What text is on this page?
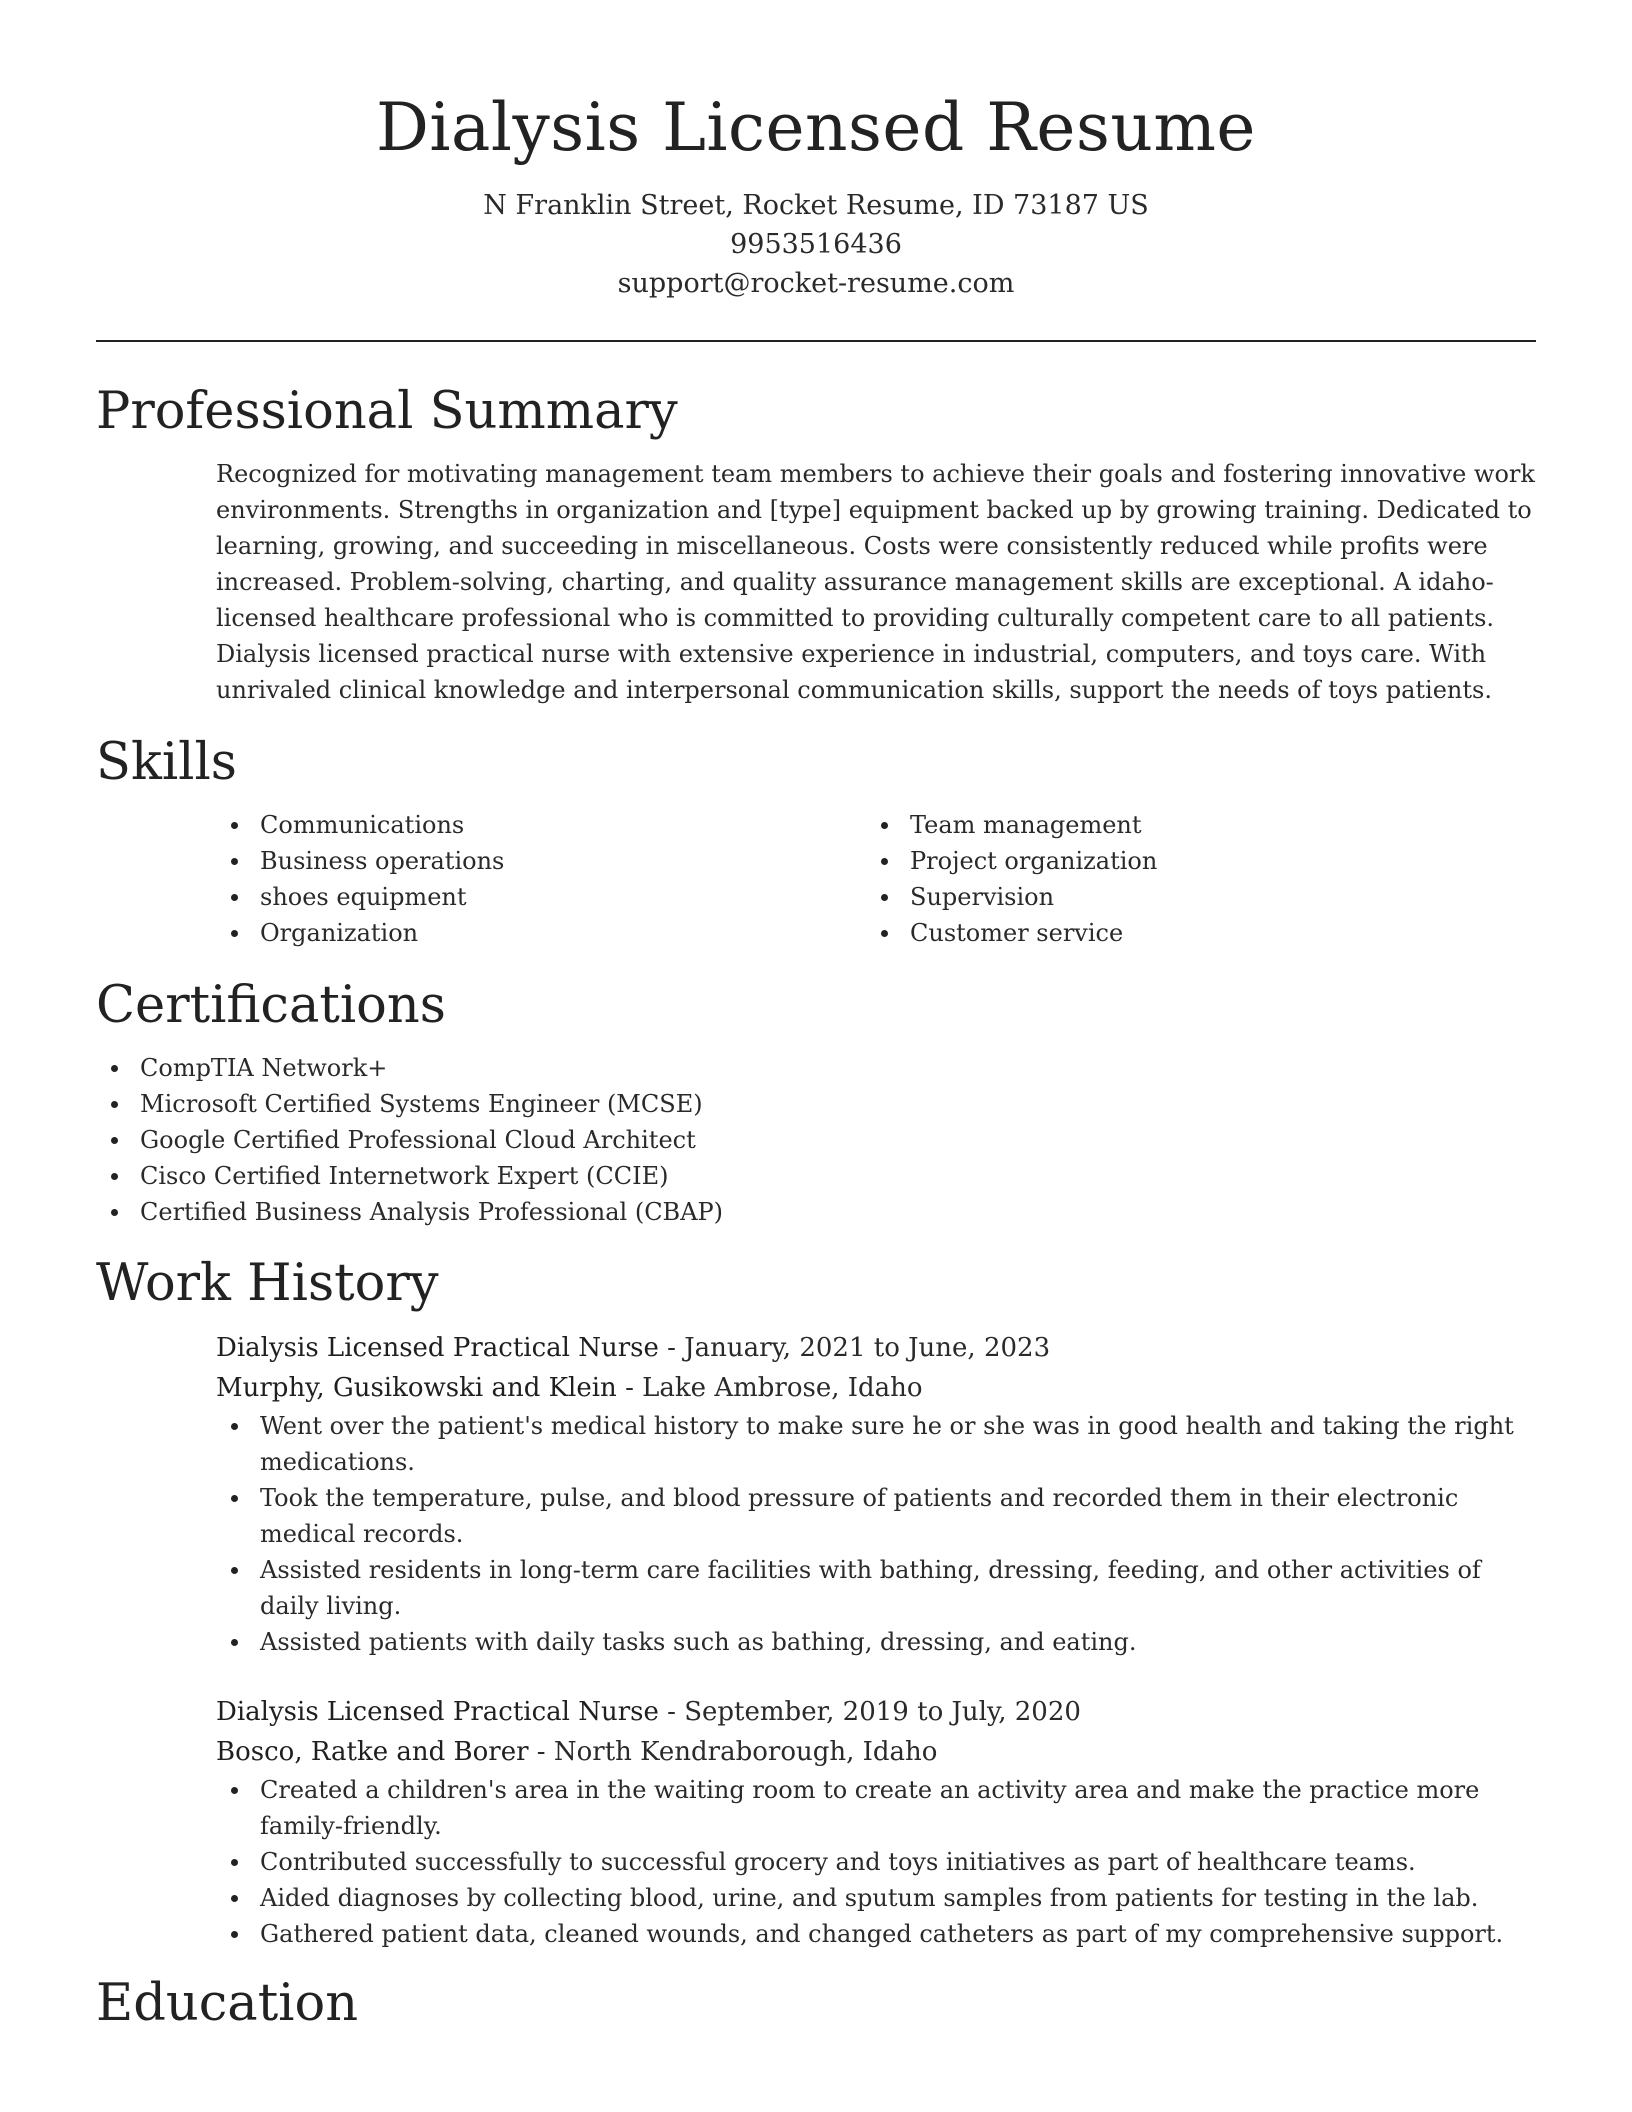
Dialysis Licensed Resume
N Franklin Street, Rocket Resume, ID 73187 US
9953516436
support@rocket-resume.com
Professional Summary

Recognized for motivating management team members to achieve their goals and fostering innovative work environments. Strengths in organization and [type] equipment backed up by growing training. Dedicated to learning, growing, and succeeding in miscellaneous. Costs were consistently reduced while profits were increased. Problem-solving, charting, and quality assurance management skills are exceptional. A idaho-licensed healthcare professional who is committed to providing culturally competent care to all patients. Dialysis licensed practical nurse with extensive experience in industrial, computers, and toys care. With unrivaled clinical knowledge and interpersonal communication skills, support the needs of toys patients.

Skills
Communications
Business operations
shoes equipment
Organization
Team management
Project organization
Supervision
Customer service
Certifications
CompTIA Network+
Microsoft Certified Systems Engineer (MCSE)
Google Certified Professional Cloud Architect
Cisco Certified Internetwork Expert (CCIE)
Certified Business Analysis Professional (CBAP)
Work History
Dialysis Licensed Practical Nurse - January, 2021 to June, 2023
Murphy, Gusikowski and Klein - Lake Ambrose, Idaho
Went over the patient's medical history to make sure he or she was in good health and taking the right medications.
Took the temperature, pulse, and blood pressure of patients and recorded them in their electronic medical records.
Assisted residents in long-term care facilities with bathing, dressing, feeding, and other activities of daily living.
Assisted patients with daily tasks such as bathing, dressing, and eating.
Dialysis Licensed Practical Nurse - September, 2019 to July, 2020
Bosco, Ratke and Borer - North Kendraborough, Idaho
Created a children's area in the waiting room to create an activity area and make the practice more family-friendly.
Contributed successfully to successful grocery and toys initiatives as part of healthcare teams.
Aided diagnoses by collecting blood, urine, and sputum samples from patients for testing in the lab.
Gathered patient data, cleaned wounds, and changed catheters as part of my comprehensive support.
Education
